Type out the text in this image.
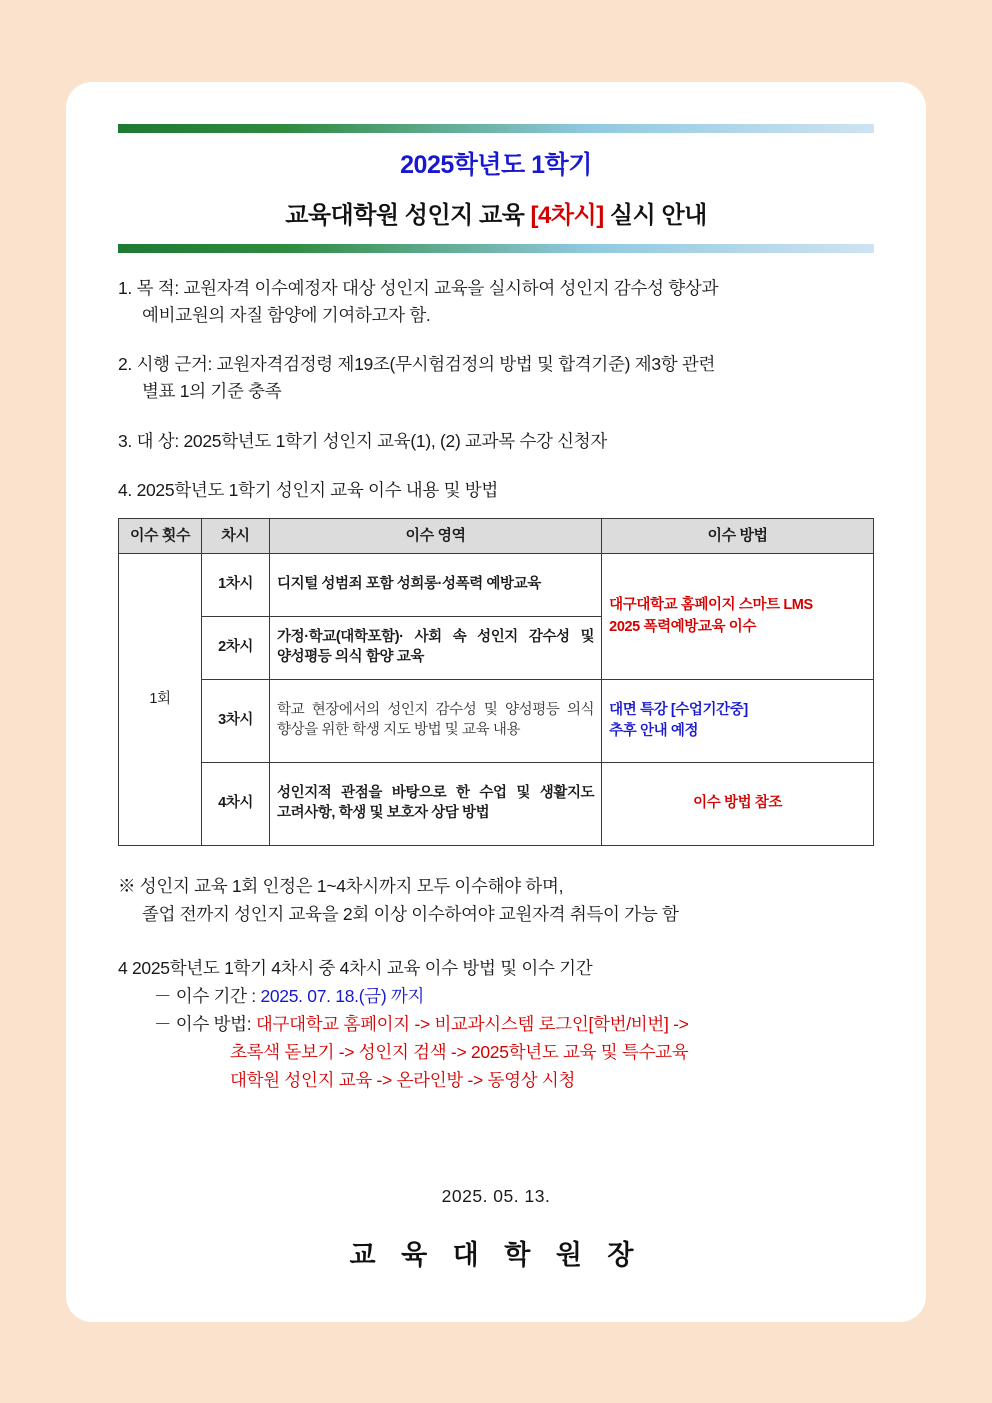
2025학년도 1학기
교육대학원 성인지 교육 [4차시] 실시 안내
1. 목 적: 교원자격 이수예정자 대상 성인지 교육을 실시하여 성인지 감수성 향상과
예비교원의 자질 함양에 기여하고자 함.
2. 시행 근거: 교원자격검정령 제19조(무시험검정의 방법 및 합격기준) 제3항 관련
별표 1의 기준 충족
3. 대 상: 2025학년도 1학기 성인지 교육(1), (2) 교과목 수강 신청자
4. 2025학년도 1학기 성인지 교육 이수 내용 및 방법
이수 횟수	차시	이수 영역	이수 방법
1회	1차시	디지털 성범죄 포함 성희롱·성폭력 예방교육	대구대학교 홈페이지 스마트 LMS
2025 폭력예방교육 이수

	2차시	가정·학교(대학포함)· 사회 속 성인지 감수성 및 양성평등 의식 함양 교육	
	3차시	학교 현장에서의 성인지 감수성 및 양성평등 의식 향상을 위한 학생 지도 방법 및 교육 내용	대면 특강 [수업기간중]
추후 안내 예정

	4차시	성인지적 관점을 바탕으로 한 수업 및 생활지도 고려사항, 학생 및 보호자 상담 방법	이수 방법 참조
※ 성인지 교육 1회 인정은 1~4차시까지 모두 이수해야 하며,
졸업 전까지 성인지 교육을 2회 이상 이수하여야 교원자격 취득이 가능 함
4 2025학년도 1학기 4차시 중 4차시 교육 이수 방법 및 이수 기간
－ 이수 기간 : 2025. 07. 18.(금) 까지
－ 이수 방법: 대구대학교 홈페이지 -> 비교과시스템 로그인[학번/비번] ->
초록색 돋보기 -> 성인지 검색 -> 2025학년도 교육 및 특수교육
대학원 성인지 교육 -> 온라인방 -> 동영상 시청
2025. 05. 13.
교 육 대 학 원 장
